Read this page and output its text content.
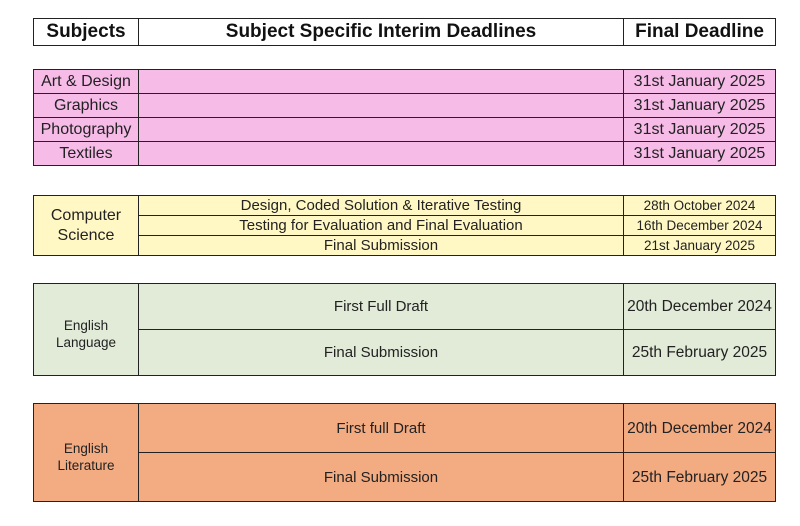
Subjects	Subject Specific Interim Deadlines	Final Deadline
Art & Design		31st January 2025
Graphics		31st January 2025
Photography		31st January 2025
Textiles		31st January 2025
Computer Science	Design, Coded Solution & Iterative Testing	28th October 2024
	Testing for Evaluation and Final Evaluation	16th December 2024
	Final Submission	21st January 2025
English Language	First Full Draft	20th December 2024
	Final Submission	25th February 2025
English Literature	First full Draft	20th December 2024
	Final Submission	25th February 2025
